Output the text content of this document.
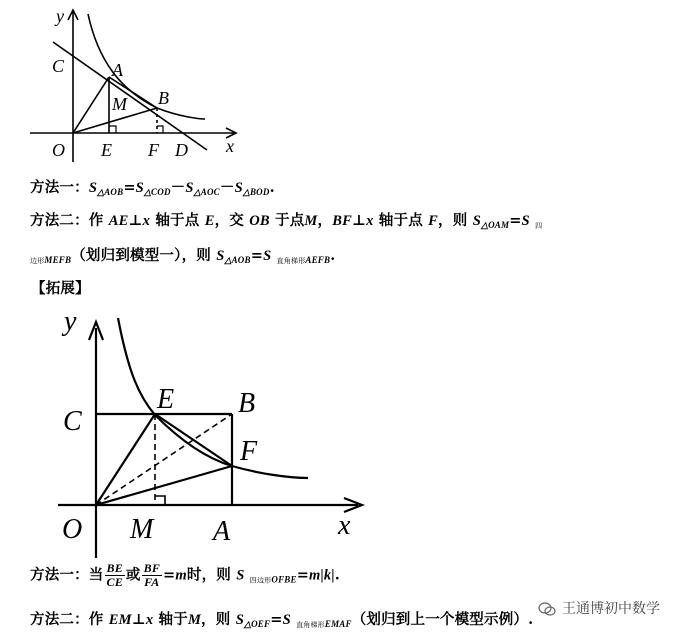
y
x
O
C	A
M B
E F D
方法一：$S_{\triangle AOB}=S_{\triangle COD}-S_{\triangle AOC}-S_{\triangle BOD}$.
方法二：作 AE⊥x 轴于点 E，交 OB 于点M，BF⊥x 轴于点 F，则 $S_{\triangle OAM}=S$ $_四$
$_{边形MEFB}$（划归到模型一），则 $S_{\triangle AOB}=S$ $_{直角梯形AEFB}$.
【拓展】
y
x
O
C
E B
F
M A
方法一：当 $\frac{BE}{CE}$ 或 $\frac{BF}{FA} =m$时，则 S $_{四边形OFBE}$=m|k|.
方法二：作 EM⊥x 轴于M，则 $S_{\triangle OEF}=S$ $_{直角梯形EMAF}$（划归到上一个模型示例）.
王通博初中数学
